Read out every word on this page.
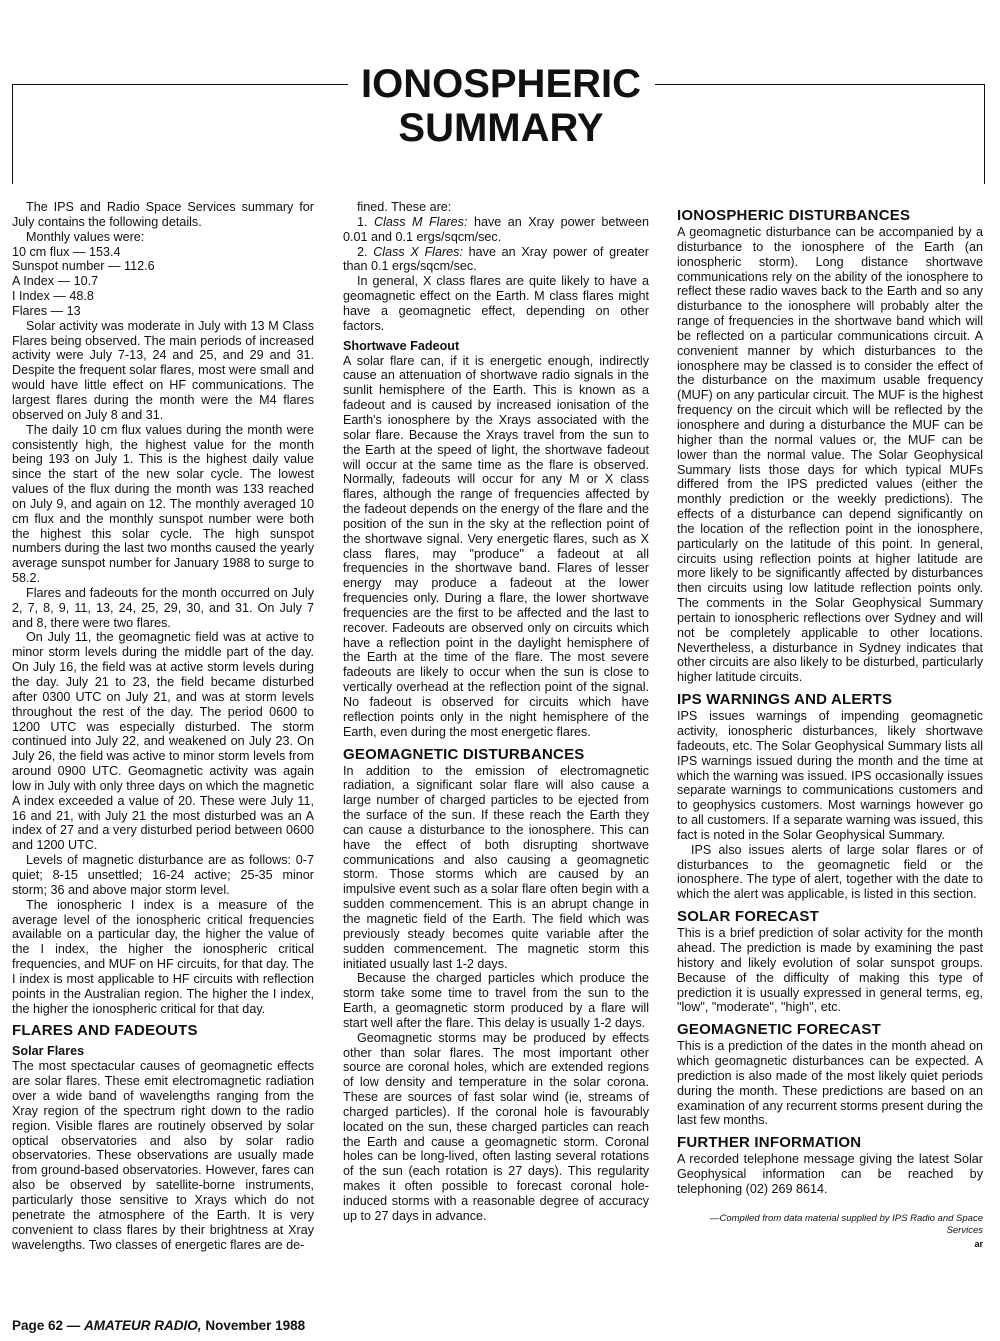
IONOSPHERIC
SUMMARY

The IPS and Radio Space Services summary for July contains the following details.

Monthly values were:
10 cm flux — 153.4
Sunspot number — 112.6
A Index — 10.7
I Index — 48.8
Flares — 13

Solar activity was moderate in July with 13 M Class Flares being observed. The main periods of increased activity were July 7-13, 24 and 25, and 29 and 31. Despite the frequent solar flares, most were small and would have little effect on HF communications. The largest flares during the month were the M4 flares observed on July 8 and 31.

The daily 10 cm flux values during the month were consistently high, the highest value for the month being 193 on July 1. This is the highest daily value since the start of the new solar cycle. The lowest values of the flux during the month was 133 reached on July 9, and again on 12. The monthly averaged 10 cm flux and the monthly sunspot number were both the highest this solar cycle. The high sunspot numbers during the last two months caused the yearly average sunspot number for January 1988 to surge to 58.2.

Flares and fadeouts for the month occurred on July 2, 7, 8, 9, 11, 13, 24, 25, 29, 30, and 31. On July 7 and 8, there were two flares.

On July 11, the geomagnetic field was at active to minor storm levels during the middle part of the day. On July 16, the field was at active storm levels during the day. July 21 to 23, the field became disturbed after 0300 UTC on July 21, and was at storm levels throughout the rest of the day. The period 0600 to 1200 UTC was especially disturbed. The storm continued into July 22, and weakened on July 23. On July 26, the field was active to minor storm levels from around 0900 UTC. Geomagnetic activity was again low in July with only three days on which the magnetic A index exceeded a value of 20. These were July 11, 16 and 21, with July 21 the most disturbed was an A index of 27 and a very disturbed period between 0600 and 1200 UTC.

Levels of magnetic disturbance are as follows: 0-7 quiet; 8-15 unsettled; 16-24 active; 25-35 minor storm; 36 and above major storm level.

The ionospheric I index is a measure of the average level of the ionospheric critical frequencies available on a particular day, the higher the value of the I index, the higher the ionospheric critical frequencies, and MUF on HF circuits, for that day. The I index is most applicable to HF circuits with reflection points in the Australian region. The higher the I index, the higher the ionospheric critical for that day.

FLARES AND FADEOUTS
Solar Flares

The most spectacular causes of geomagnetic effects are solar flares. These emit electromagnetic radiation over a wide band of wavelengths ranging from the Xray region of the spectrum right down to the radio region. Visible flares are routinely observed by solar optical observatories and also by solar radio observatories. These observations are usually made from ground-based observatories. However, fares can also be observed by satellite-borne instruments, particularly those sensitive to Xrays which do not penetrate the atmosphere of the Earth. It is very convenient to class flares by their brightness at Xray wavelengths. Two classes of energetic flares are de-

fined. These are:

1. Class M Flares: have an Xray power between 0.01 and 0.1 ergs/sqcm/sec.

2. Class X Flares: have an Xray power of greater than 0.1 ergs/sqcm/sec.

In general, X class flares are quite likely to have a geomagnetic effect on the Earth. M class flares might have a geomagnetic effect, depending on other factors.

Shortwave Fadeout

A solar flare can, if it is energetic enough, indirectly cause an attenuation of shortwave radio signals in the sunlit hemisphere of the Earth. This is known as a fadeout and is caused by increased ionisation of the Earth's ionosphere by the Xrays associated with the solar flare. Because the Xrays travel from the sun to the Earth at the speed of light, the shortwave fadeout will occur at the same time as the flare is observed. Normally, fadeouts will occur for any M or X class flares, although the range of frequencies affected by the fadeout depends on the energy of the flare and the position of the sun in the sky at the reflection point of the shortwave signal. Very energetic flares, such as X class flares, may "produce" a fadeout at all frequencies in the shortwave band. Flares of lesser energy may produce a fadeout at the lower frequencies only. During a flare, the lower shortwave frequencies are the first to be affected and the last to recover. Fadeouts are observed only on circuits which have a reflection point in the daylight hemisphere of the Earth at the time of the flare. The most severe fadeouts are likely to occur when the sun is close to vertically overhead at the reflection point of the signal. No fadeout is observed for circuits which have reflection points only in the night hemisphere of the Earth, even during the most energetic flares.

GEOMAGNETIC DISTURBANCES

In addition to the emission of electromagnetic radiation, a significant solar flare will also cause a large number of charged particles to be ejected from the surface of the sun. If these reach the Earth they can cause a disturbance to the ionosphere. This can have the effect of both disrupting shortwave communications and also causing a geomagnetic storm. Those storms which are caused by an impulsive event such as a solar flare often begin with a sudden commencement. This is an abrupt change in the magnetic field of the Earth. The field which was previously steady becomes quite variable after the sudden commencement. The magnetic storm this initiated usually last 1-2 days.

Because the charged particles which produce the storm take some time to travel from the sun to the Earth, a geomagnetic storm produced by a flare will start well after the flare. This delay is usually 1-2 days.

Geomagnetic storms may be produced by effects other than solar flares. The most important other source are coronal holes, which are extended regions of low density and temperature in the solar corona. These are sources of fast solar wind (ie, streams of charged particles). If the coronal hole is favourably located on the sun, these charged particles can reach the Earth and cause a geomagnetic storm. Coronal holes can be long-lived, often lasting several rotations of the sun (each rotation is 27 days). This regularity makes it often possible to forecast coronal hole-induced storms with a reasonable degree of accuracy up to 27 days in advance.

IONOSPHERIC DISTURBANCES

A geomagnetic disturbance can be accompanied by a disturbance to the ionosphere of the Earth (an ionospheric storm). Long distance shortwave communications rely on the ability of the ionosphere to reflect these radio waves back to the Earth and so any disturbance to the ionosphere will probably alter the range of frequencies in the shortwave band which will be reflected on a particular communications circuit. A convenient manner by which disturbances to the ionosphere may be classed is to consider the effect of the disturbance on the maximum usable frequency (MUF) on any particular circuit. The MUF is the highest frequency on the circuit which will be reflected by the ionosphere and during a disturbance the MUF can be higher than the normal values or, the MUF can be lower than the normal value. The Solar Geophysical Summary lists those days for which typical MUFs differed from the IPS predicted values (either the monthly prediction or the weekly predictions). The effects of a disturbance can depend significantly on the location of the reflection point in the ionosphere, particularly on the latitude of this point. In general, circuits using reflection points at higher latitude are more likely to be significantly affected by disturbances then circuits using low latitude reflection points only. The comments in the Solar Geophysical Summary pertain to ionospheric reflections over Sydney and will not be completely applicable to other locations. Nevertheless, a disturbance in Sydney indicates that other circuits are also likely to be disturbed, particularly higher latitude circuits.

IPS WARNINGS AND ALERTS

IPS issues warnings of impending geomagnetic activity, ionospheric disturbances, likely shortwave fadeouts, etc. The Solar Geophysical Summary lists all IPS warnings issued during the month and the time at which the warning was issued. IPS occasionally issues separate warnings to communications customers and to geophysics customers. Most warnings however go to all customers. If a separate warning was issued, this fact is noted in the Solar Geophysical Summary.

IPS also issues alerts of large solar flares or of disturbances to the geomagnetic field or the ionosphere. The type of alert, together with the date to which the alert was applicable, is listed in this section.

SOLAR FORECAST

This is a brief prediction of solar activity for the month ahead. The prediction is made by examining the past history and likely evolution of solar sunspot groups. Because of the difficulty of making this type of prediction it is usually expressed in general terms, eg, "low", "moderate", "high", etc.

GEOMAGNETIC FORECAST

This is a prediction of the dates in the month ahead on which geomagnetic disturbances can be expected. A prediction is also made of the most likely quiet periods during the month. These predictions are based on an examination of any recurrent storms present during the last few months.

FURTHER INFORMATION

A recorded telephone message giving the latest Solar Geophysical information can be reached by telephoning (02) 269 8614.

—Compiled from data material supplied by IPS Radio and Space Services
ar
Page 62 — AMATEUR RADIO, November 1988
